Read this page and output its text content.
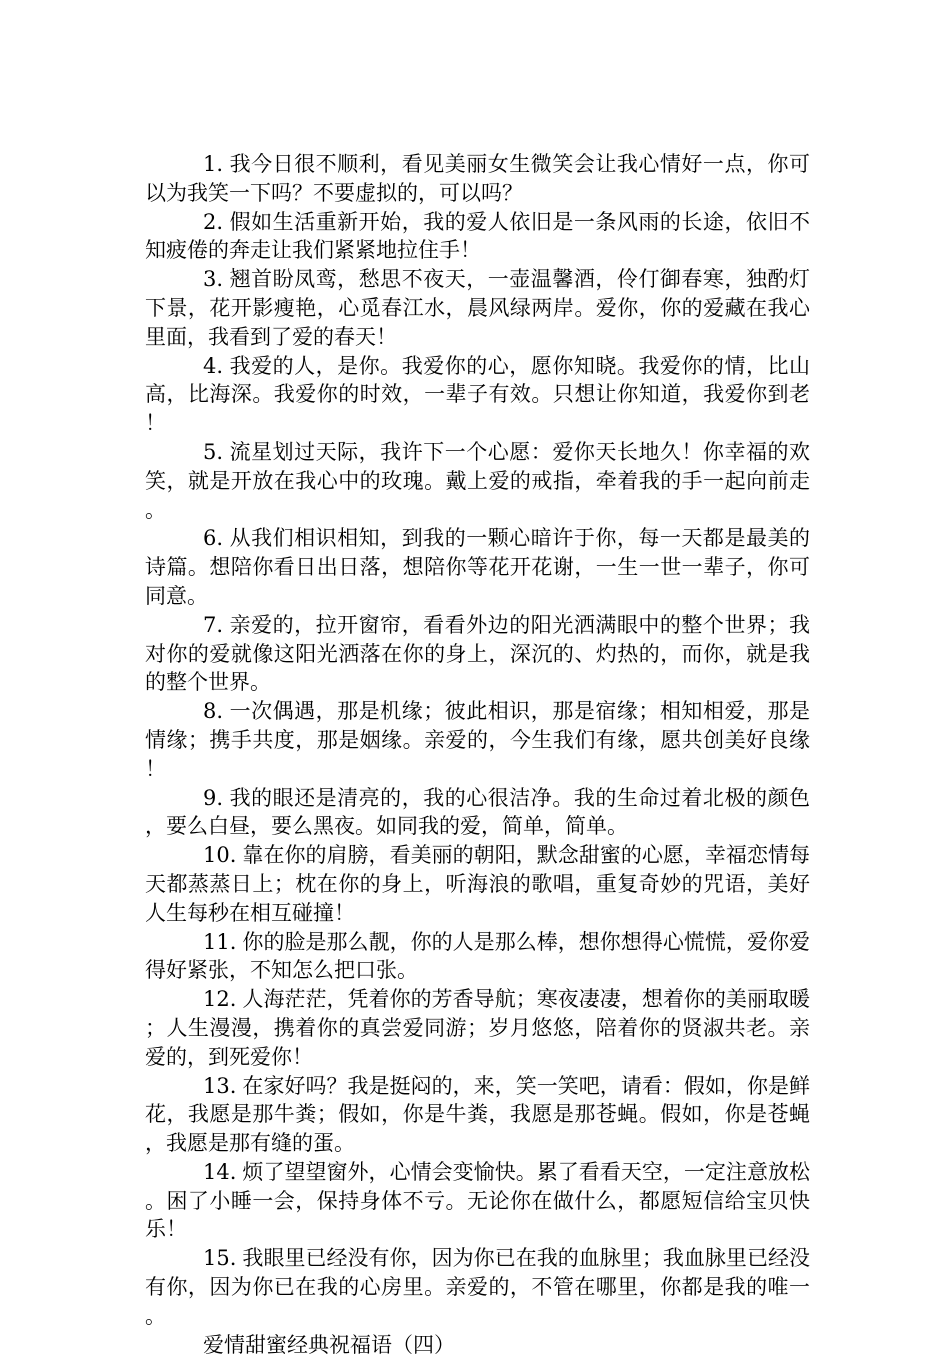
1. 我今日很不顺利，看见美丽女生微笑会让我心情好一点，你可以为我笑一下吗？不要虚拟的，可以吗？

2. 假如生活重新开始，我的爱人依旧是一条风雨的长途，依旧不知疲倦的奔走让我们紧紧地拉住手！

3. 翘首盼凤鸾，愁思不夜天，一壶温馨酒，伶仃御春寒，独酌灯下景，花开影瘦艳，心觅春江水，晨风绿两岸。爱你，你的爱藏在我心里面，我看到了爱的春天！

4. 我爱的人，是你。我爱你的心，愿你知晓。我爱你的情，比山高，比海深。我爱你的时效，一辈子有效。只想让你知道，我爱你到老！

5. 流星划过天际，我许下一个心愿：爱你天长地久！你幸福的欢笑，就是开放在我心中的玫瑰。戴上爱的戒指，牵着我的手一起向前走。

6. 从我们相识相知，到我的一颗心暗许于你，每一天都是最美的诗篇。想陪你看日出日落，想陪你等花开花谢，一生一世一辈子，你可同意。

7. 亲爱的，拉开窗帘，看看外边的阳光洒满眼中的整个世界；我对你的爱就像这阳光洒落在你的身上，深沉的、灼热的，而你，就是我的整个世界。

8. 一次偶遇，那是机缘；彼此相识，那是宿缘；相知相爱，那是情缘；携手共度，那是姻缘。亲爱的，今生我们有缘，愿共创美好良缘！

9. 我的眼还是清亮的，我的心很洁净。我的生命过着北极的颜色，要么白昼，要么黑夜。如同我的爱，简单，简单。

10. 靠在你的肩膀，看美丽的朝阳，默念甜蜜的心愿，幸福恋情每天都蒸蒸日上；枕在你的身上，听海浪的歌唱，重复奇妙的咒语，美好人生每秒在相互碰撞！

11. 你的脸是那么靓，你的人是那么棒，想你想得心慌慌，爱你爱得好紧张，不知怎么把口张。

12. 人海茫茫，凭着你的芳香导航；寒夜凄凄，想着你的美丽取暖；人生漫漫，携着你的真尝爱同游；岁月悠悠，陪着你的贤淑共老。亲爱的，到死爱你！

13. 在家好吗？我是挺闷的，来，笑一笑吧，请看：假如，你是鲜花，我愿是那牛粪；假如，你是牛粪，我愿是那苍蝇。假如，你是苍蝇，我愿是那有缝的蛋。

14. 烦了望望窗外，心情会变愉快。累了看看天空，一定注意放松。困了小睡一会，保持身体不亏。无论你在做什么，都愿短信给宝贝快乐！

15. 我眼里已经没有你，因为你已在我的血脉里；我血脉里已经没有你，因为你已在我的心房里。亲爱的，不管在哪里，你都是我的唯一。

爱情甜蜜经典祝福语（四）
